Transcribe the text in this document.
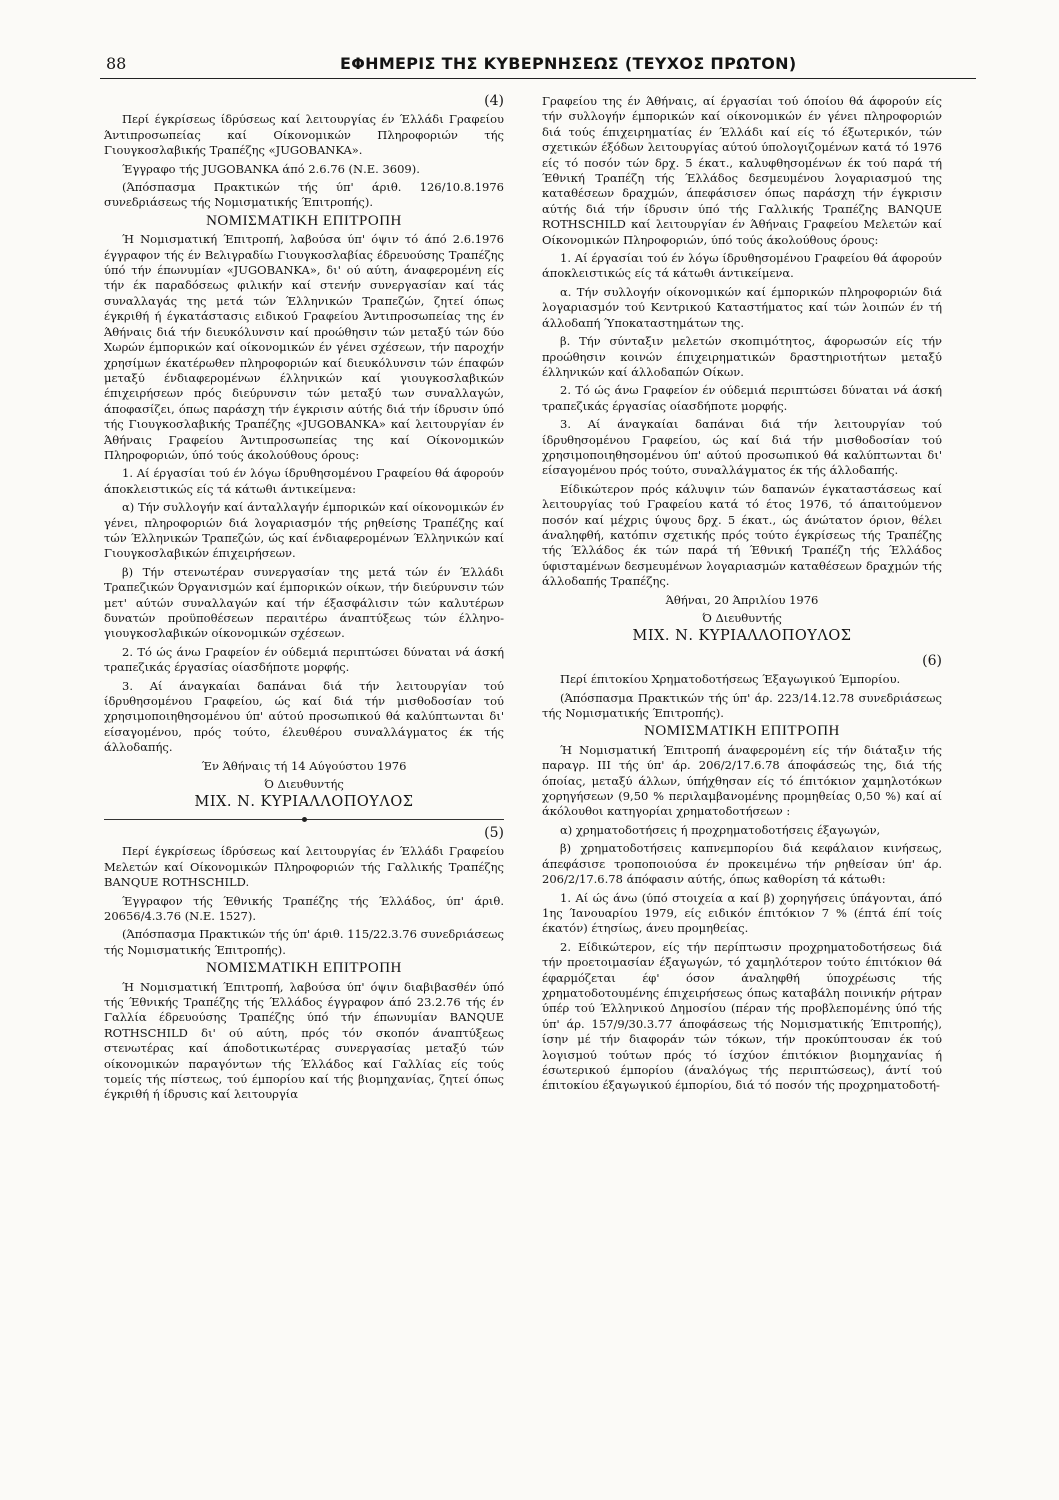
88	ΕΦΗΜΕΡΙΣ ΤΗΣ ΚΥΒΕΡΝΗΣΕΩΣ (ΤΕΥΧΟΣ ΠΡΩΤΟΝ)

(4)

Περί έγκρίσεως ίδρύσεως καί λειτουργίας έν Έλλάδι Γραφείου Άντιπροσωπείας καί Οίκονομικών Πληροφοριών τής Γιουγκοσλαβικής Τραπέζης «JUGOBANKA».

Έγγραφο τής JUGOBANKA άπό 2.6.76 (Ν.Ε. 3609).

(Άπόσπασμα Πρακτικών τής ύπ' άριθ. 126/10.8.1976 συνεδριάσεως τής Νομισματικής Έπιτροπής).

ΝΟΜΙΣΜΑΤΙΚΗ ΕΠΙΤΡΟΠΗ

Ή Νομισματική Έπιτροπή, λαβούσα ύπ' όψιν τό άπό 2.6.1976 έγγραφον τής έν Βελιγραδίω Γιουγκοσλαβίας έδρευούσης Τραπέζης ύπό τήν έπωνυμίαν «JUGOBANKA», δι' ού αύτη, άναφερομένη είς τήν έκ παραδόσεως φιλικήν καί στενήν συνεργασίαν καί τάς συναλλαγάς της μετά τών Έλληνικών Τραπεζών, ζητεί όπως έγκριθή ή έγκατάστασις ειδικού Γραφείου Άντιπροσωπείας της έν Άθήναις διά τήν διευκόλυνσιν καί προώθησιν τών μεταξύ τών δύο Χωρών έμπορικών καί οίκονομικών έν γένει σχέσεων, τήν παροχήν χρησίμων έκατέρωθεν πληροφοριών καί διευκόλυνσιν τών έπαφών μεταξύ ένδιαφερομένων έλληνικών καί γιουγκοσλαβικών έπιχειρήσεων πρός διεύρυνσιν τών μεταξύ των συναλλαγών, άποφασίζει, όπως παράσχη τήν έγκρισιν αύτής διά τήν ίδρυσιν ύπό τής Γιουγκοσλαβικής Τραπέζης «JUGOBANKA» καί λειτουργίαν έν Άθήναις Γραφείου Άντιπροσωπείας της καί Οίκονομικών Πληροφοριών, ύπό τούς άκολούθους όρους:

1. Αί έργασίαι τού έν λόγω ίδρυθησομένου Γραφείου θά άφορούν άποκλειστικώς είς τά κάτωθι άντικείμενα:

α) Τήν συλλογήν καί άνταλλαγήν έμπορικών καί οίκονομικών έν γένει, πληροφοριών διά λογαριασμόν τής ρηθείσης Τραπέζης καί τών Έλληνικών Τραπεζών, ώς καί ένδιαφερομένων Έλληνικών καί Γιουγκοσλαβικών έπιχειρήσεων.

β) Τήν στενωτέραν συνεργασίαν της μετά τών έν Έλλάδι Τραπεζικών Όργανισμών καί έμπορικών οίκων, τήν διεύρυνσιν τών μετ' αύτών συναλλαγών καί τήν έξασφάλισιν τών καλυτέρων δυνατών προϋποθέσεων περαιτέρω άναπτύξεως τών έλληνο-γιουγκοσλαβικών οίκονομικών σχέσεων.

2. Τό ώς άνω Γραφείον έν ούδεμιά περιπτώσει δύναται νά άσκή τραπεζικάς έργασίας οίασδήποτε μορφής.

3. Αί άναγκαίαι δαπάναι διά τήν λειτουργίαν τού ίδρυθησομένου Γραφείου, ώς καί διά τήν μισθοδοσίαν τού χρησιμοποιηθησομένου ύπ' αύτού προσωπικού θά καλύπτωνται δι' είσαγομένου, πρός τούτο, έλευθέρου συναλλάγματος έκ τής άλλοδαπής.

Έν Άθήναις τή 14 Αύγούστου 1976

Ό Διευθυντής

ΜΙΧ. Ν. ΚΥΡΙΑΛΛΟΠΟΥΛΟΣ

(5)

Περί έγκρίσεως ίδρύσεως καί λειτουργίας έν Έλλάδι Γραφείου Μελετών καί Οίκονομικών Πληροφοριών τής Γαλλικής Τραπέζης BANQUE ROTHSCHILD.

Έγγραφον τής Έθνικής Τραπέζης τής Έλλάδος, ύπ' άριθ. 20656/4.3.76 (Ν.Ε. 1527).

(Άπόσπασμα Πρακτικών τής ύπ' άριθ. 115/22.3.76 συνεδριάσεως τής Νομισματικής Έπιτροπής).

ΝΟΜΙΣΜΑΤΙΚΗ ΕΠΙΤΡΟΠΗ

Ή Νομισματική Έπιτροπή, λαβούσα ύπ' όψιν διαβιβασθέν ύπό τής Έθνικής Τραπέζης τής Έλλάδος έγγραφον άπό 23.2.76 τής έν Γαλλία έδρευούσης Τραπέζης ύπό τήν έπωνυμίαν BANQUE ROTHSCHILD δι' ού αύτη, πρός τόν σκοπόν άναπτύξεως στενωτέρας καί άποδοτικωτέρας συνεργασίας μεταξύ τών οίκονομικών παραγόντων τής Έλλάδος καί Γαλλίας είς τούς τομείς τής πίστεως, τού έμπορίου καί τής βιομηχανίας, ζητεί όπως έγκριθή ή ίδρυσις καί λειτουργία

Γραφείου της έν Άθήναις, αί έργασίαι τού όποίου θά άφορούν είς τήν συλλογήν έμπορικών καί οίκονομικών έν γένει πληροφοριών διά τούς έπιχειρηματίας έν Έλλάδι καί είς τό έξωτερικόν, τών σχετικών έξόδων λειτουργίας αύτού ύπολογιζομένων κατά τό 1976 είς τό ποσόν τών δρχ. 5 έκατ., καλυφθησομένων έκ τού παρά τή Έθνική Τραπέζη τής Έλλάδος δεσμευμένου λογαριασμού της καταθέσεων δραχμών, άπεφάσισεν όπως παράσχη τήν έγκρισιν αύτής διά τήν ίδρυσιν ύπό τής Γαλλικής Τραπέζης BANQUE ROTHSCHILD καί λειτουργίαν έν Άθήναις Γραφείου Μελετών καί Οίκονομικών Πληροφοριών, ύπό τούς άκολούθους όρους:

1. Αί έργασίαι τού έν λόγω ίδρυθησομένου Γραφείου θά άφορούν άποκλειστικώς είς τά κάτωθι άντικείμενα.

α. Τήν συλλογήν οίκονομικών καί έμπορικών πληροφοριών διά λογαριασμόν τού Κεντρικού Καταστήματος καί τών λοιπών έν τή άλλοδαπή Ύποκαταστημάτων της.

β. Τήν σύνταξιν μελετών σκοπιμότητος, άφορωσών είς τήν προώθησιν κοινών έπιχειρηματικών δραστηριοτήτων μεταξύ έλληνικών καί άλλοδαπών Οίκων.

2. Τό ώς άνω Γραφείον έν ούδεμιά περιπτώσει δύναται νά άσκή τραπεζικάς έργασίας οίασδήποτε μορφής.

3. Αί άναγκαίαι δαπάναι διά τήν λειτουργίαν τού ίδρυθησομένου Γραφείου, ώς καί διά τήν μισθοδοσίαν τού χρησιμοποιηθησομένου ύπ' αύτού προσωπικού θά καλύπτωνται δι' είσαγομένου πρός τούτο, συναλλάγματος έκ τής άλλοδαπής.

Είδικώτερον πρός κάλυψιν τών δαπανών έγκαταστάσεως καί λειτουργίας τού Γραφείου κατά τό έτος 1976, τό άπαιτούμενον ποσόν καί μέχρις ύψους δρχ. 5 έκατ., ώς άνώτατον όριον, θέλει άναληφθή, κατόπιν σχετικής πρός τούτο έγκρίσεως τής Τραπέζης τής Έλλάδος έκ τών παρά τή Έθνική Τραπέζη τής Έλλάδος ύφισταμένων δεσμευμένων λογαριασμών καταθέσεων δραχμών τής άλλοδαπής Τραπέζης.

Άθήναι, 20 Άπριλίου 1976

Ό Διευθυντής

ΜΙΧ. Ν. ΚΥΡΙΑΛΛΟΠΟΥΛΟΣ

(6)

Περί έπιτοκίου Χρηματοδοτήσεως Έξαγωγικού Έμπορίου.

(Άπόσπασμα Πρακτικών τής ύπ' άρ. 223/14.12.78 συνεδριάσεως τής Νομισματικής Έπιτροπής).

ΝΟΜΙΣΜΑΤΙΚΗ ΕΠΙΤΡΟΠΗ

Ή Νομισματική Έπιτροπή άναφερομένη είς τήν διάταξιν τής παραγρ. III τής ύπ' άρ. 206/2/17.6.78 άποφάσεώς της, διά τής όποίας, μεταξύ άλλων, ύπήχθησαν είς τό έπιτόκιον χαμηλοτόκων χορηγήσεων (9,50 % περιλαμβανομένης προμηθείας 0,50 %) καί αί άκόλουθοι κατηγορίαι χρηματοδοτήσεων :

α) χρηματοδοτήσεις ή προχρηματοδοτήσεις έξαγωγών,

β) χρηματοδοτήσεις καπνεμπορίου διά κεφάλαιον κινήσεως, άπεφάσισε τροποποιούσα έν προκειμένω τήν ρηθείσαν ύπ' άρ. 206/2/17.6.78 άπόφασιν αύτής, όπως καθορίση τά κάτωθι:

1. Αί ώς άνω (ύπό στοιχεία α καί β) χορηγήσεις ύπάγονται, άπό 1ης Ίανουαρίου 1979, είς ειδικόν έπιτόκιον 7 % (έπτά έπί τοίς έκατόν) έτησίως, άνευ προμηθείας.

2. Είδικώτερον, είς τήν περίπτωσιν προχρηματοδοτήσεως διά τήν προετοιμασίαν έξαγωγών, τό χαμηλότερον τούτο έπιτόκιον θά έφαρμόζεται έφ' όσον άναληφθή ύποχρέωσις τής χρηματοδοτουμένης έπιχειρήσεως όπως καταβάλη ποινικήν ρήτραν ύπέρ τού Έλληνικού Δημοσίου (πέραν τής προβλεπομένης ύπό τής ύπ' άρ. 157/9/30.3.77 άποφάσεως τής Νομισματικής Έπιτροπής), ίσην μέ τήν διαφοράν τών τόκων, τήν προκύπτουσαν έκ τού λογισμού τούτων πρός τό ίσχύον έπιτόκιον βιομηχανίας ή έσωτερικού έμπορίου (άναλόγως τής περιπτώσεως), άντί τού έπιτοκίου έξαγωγικού έμπορίου, διά τό ποσόν τής προχρηματοδοτή-
